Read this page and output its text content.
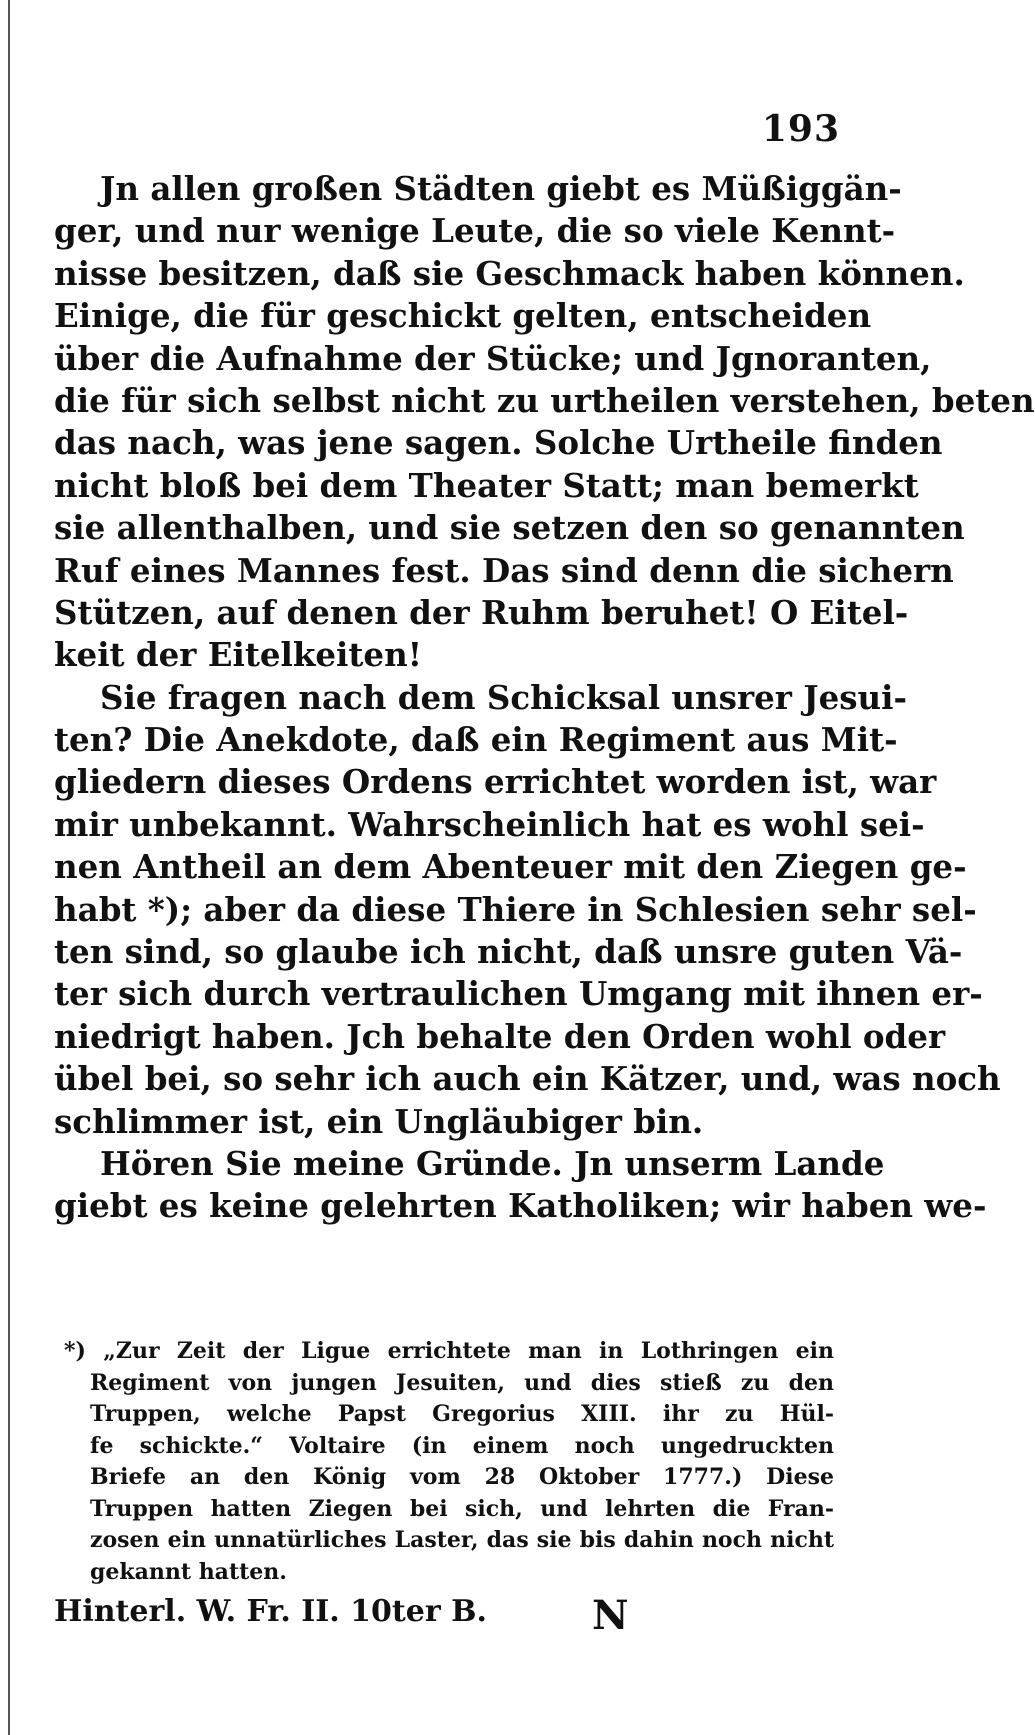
193
Jn allen großen Städten giebt es Müßiggän-
ger, und nur wenige Leute, die so viele Kennt-
nisse besitzen, daß sie Geschmack haben können.
Einige, die für geschickt gelten, entscheiden
über die Aufnahme der Stücke; und Jgnoranten,
die für sich selbst nicht zu urtheilen verstehen, beten
das nach, was jene sagen. Solche Urtheile finden
nicht bloß bei dem Theater Statt; man bemerkt
sie allenthalben, und sie setzen den so genannten
Ruf eines Mannes fest. Das sind denn die sichern
Stützen, auf denen der Ruhm beruhet! O Eitel-
keit der Eitelkeiten!
Sie fragen nach dem Schicksal unsrer Jesui-
ten? Die Anekdote, daß ein Regiment aus Mit-
gliedern dieses Ordens errichtet worden ist, war
mir unbekannt. Wahrscheinlich hat es wohl sei-
nen Antheil an dem Abenteuer mit den Ziegen ge-
habt *); aber da diese Thiere in Schlesien sehr sel-
ten sind, so glaube ich nicht, daß unsre guten Vä-
ter sich durch vertraulichen Umgang mit ihnen er-
niedrigt haben. Jch behalte den Orden wohl oder
übel bei, so sehr ich auch ein Kätzer, und, was noch
schlimmer ist, ein Ungläubiger bin.
Hören Sie meine Gründe. Jn unserm Lande
giebt es keine gelehrten Katholiken; wir haben we-
*) „Zur Zeit der Ligue errichtete man in Lothringen ein
Regiment von jungen Jesuiten, und dies stieß zu den
Truppen, welche Papst Gregorius XIII. ihr zu Hül-
fe schickte.“ Voltaire (in einem noch ungedruckten
Briefe an den König vom 28 Oktober 1777.) Diese
Truppen hatten Ziegen bei sich, und lehrten die Fran-
zosen ein unnatürliches Laster, das sie bis dahin noch nicht
gekannt hatten.
Hinterl. W. Fr. II. 10ter B.	N
